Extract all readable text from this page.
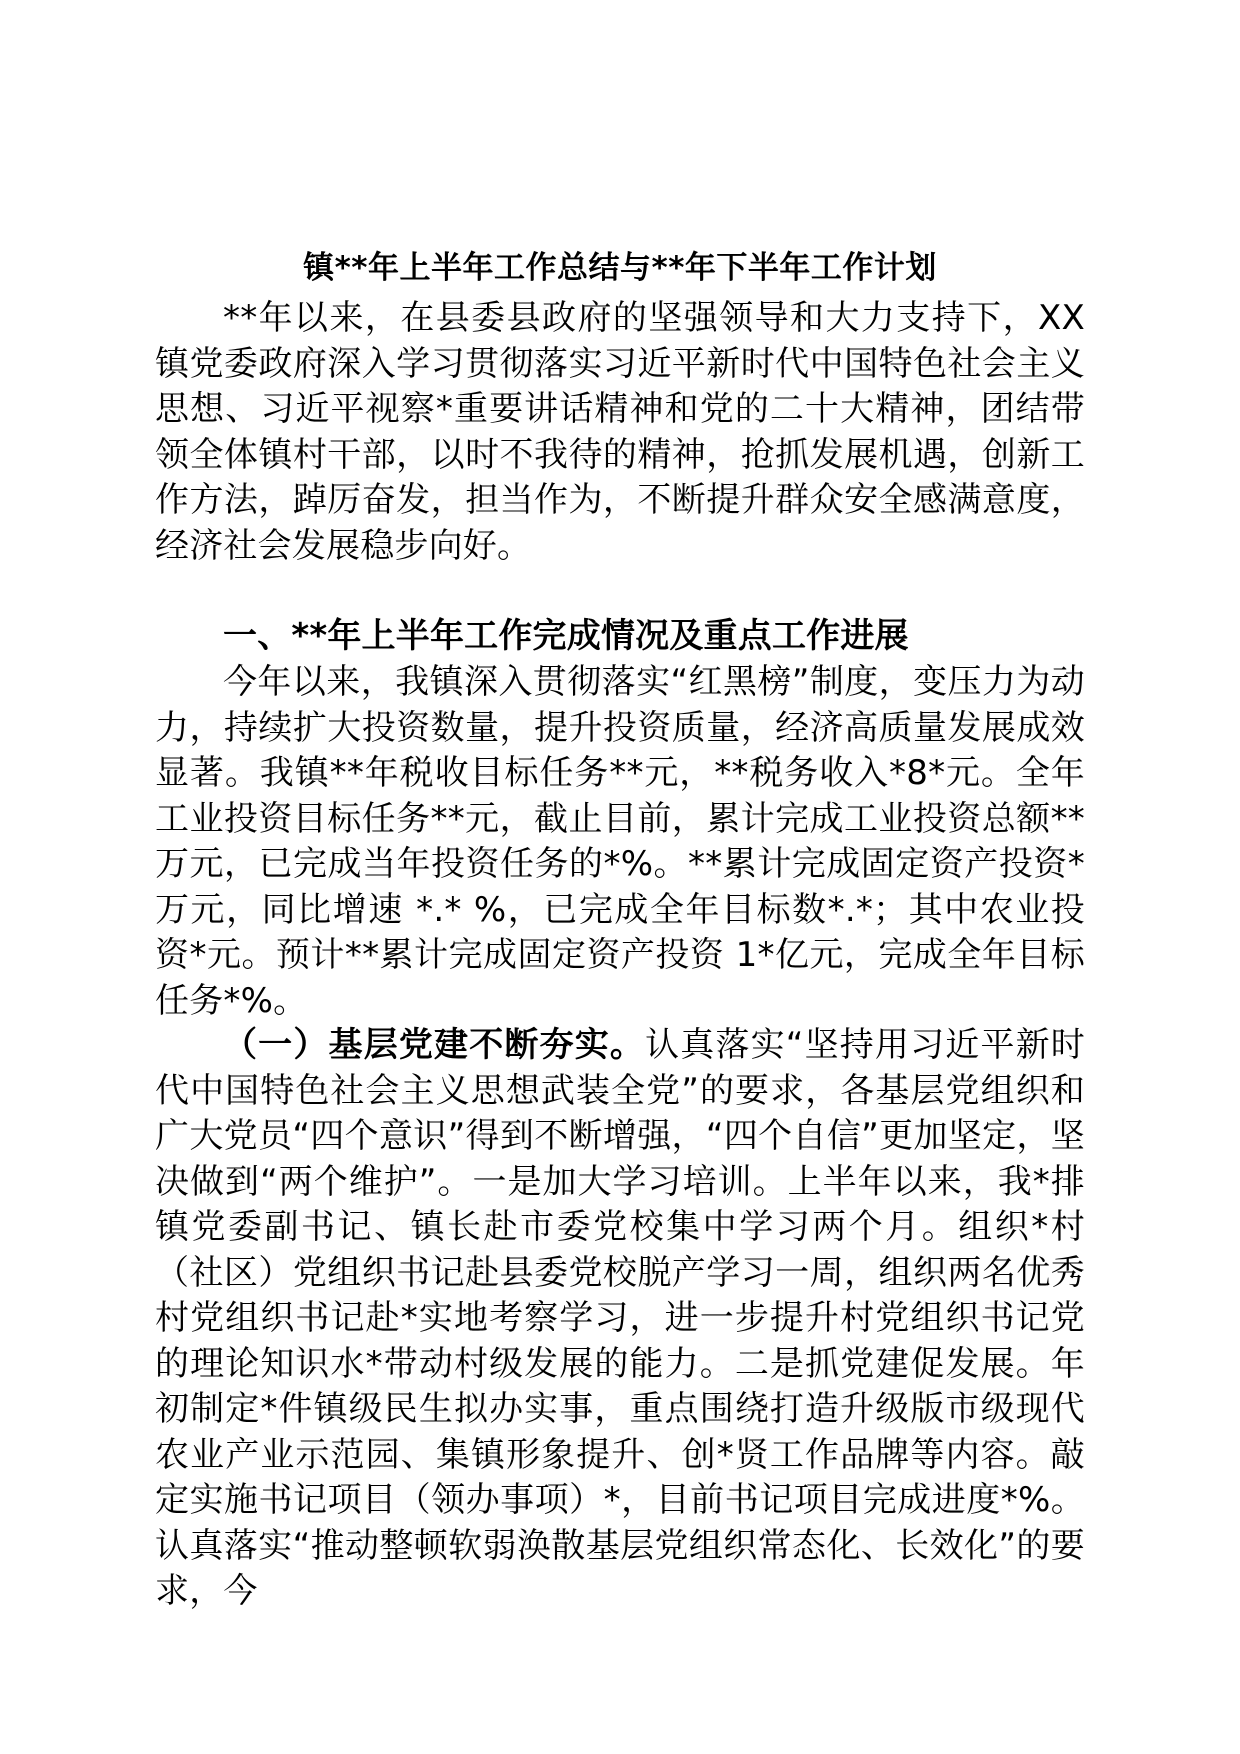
镇**年上半年工作总结与**年下半年工作计划

**年以来，在县委县政府的坚强领导和大力支持下，XX 镇党委政府深入学习贯彻落实习近平新时代中国特色社会主义思想、习近平视察*重要讲话精神和党的二十大精神，团结带领全体镇村干部，以时不我待的精神，抢抓发展机遇，创新工作方法，踔厉奋发，担当作为，不断提升群众安全感满意度，经济社会发展稳步向好。

一、**年上半年工作完成情况及重点工作进展

今年以来，我镇深入贯彻落实“红黑榜”制度，变压力为动力，持续扩大投资数量，提升投资质量，经济高质量发展成效显著。我镇**年税收目标任务**元，**税务收入*8*元。全年工业投资目标任务**元，截止目前，累计完成工业投资总额**万元，已完成当年投资任务的*%。**累计完成固定资产投资*万元，同比增速 *.* %，已完成全年目标数*.*；其中农业投资*元。预计**累计完成固定资产投资 1*亿元，完成全年目标任务*%。

（一）基层党建不断夯实。认真落实“坚持用习近平新时代中国特色社会主义思想武装全党”的要求，各基层党组织和广大党员“四个意识”得到不断增强，“四个自信”更加坚定，坚决做到“两个维护”。一是加大学习培训。上半年以来，我*排镇党委副书记、镇长赴市委党校集中学习两个月。组织*村（社区）党组织书记赴县委党校脱产学习一周，组织两名优秀村党组织书记赴*实地考察学习，进一步提升村党组织书记党的理论知识水*带动村级发展的能力。二是抓党建促发展。年初制定*件镇级民生拟办实事，重点围绕打造升级版市级现代农业产业示范园、集镇形象提升、创*贤工作品牌等内容。敲定实施书记项目（领办事项）*，目前书记项目完成进度*%。认真落实“推动整顿软弱涣散基层党组织常态化、长效化”的要求，今
